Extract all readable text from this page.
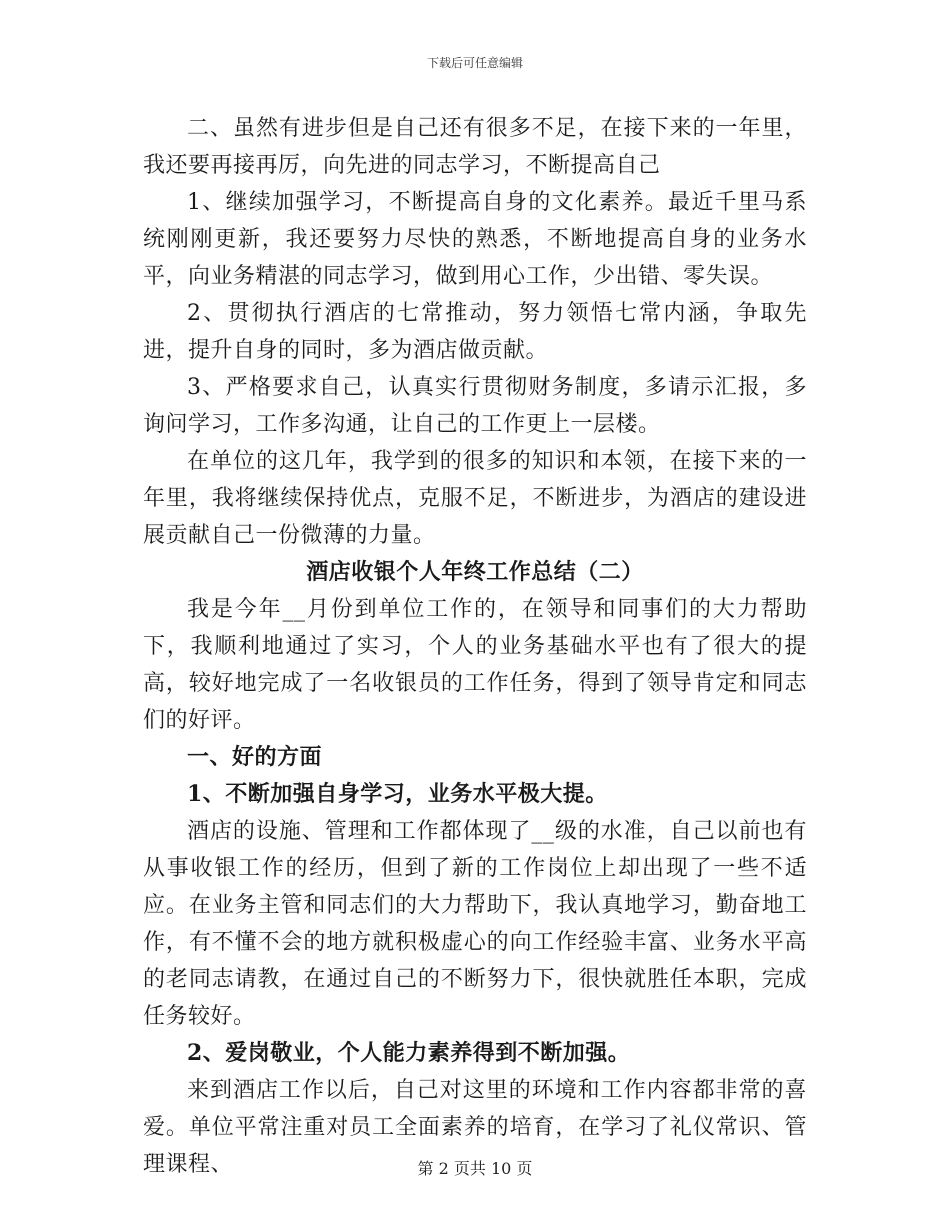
下载后可任意编辑

二、虽然有进步但是自己还有很多不足，在接下来的一年里，我还要再接再厉，向先进的同志学习，不断提高自己

1、继续加强学习，不断提高自身的文化素养。最近千里马系统刚刚更新，我还要努力尽快的熟悉，不断地提高自身的业务水平，向业务精湛的同志学习，做到用心工作，少出错、零失误。

2、贯彻执行酒店的七常推动，努力领悟七常内涵，争取先进，提升自身的同时，多为酒店做贡献。

3、严格要求自己，认真实行贯彻财务制度，多请示汇报，多询问学习，工作多沟通，让自己的工作更上一层楼。

在单位的这几年，我学到的很多的知识和本领，在接下来的一年里，我将继续保持优点，克服不足，不断进步，为酒店的建设进展贡献自己一份微薄的力量。

酒店收银个人年终工作总结（二）

我是今年__月份到单位工作的，在领导和同事们的大力帮助下，我顺利地通过了实习，个人的业务基础水平也有了很大的提高，较好地完成了一名收银员的工作任务，得到了领导肯定和同志们的好评。

一、好的方面

1、不断加强自身学习，业务水平极大提。

酒店的设施、管理和工作都体现了__级的水准，自己以前也有从事收银工作的经历，但到了新的工作岗位上却出现了一些不适应。在业务主管和同志们的大力帮助下，我认真地学习，勤奋地工作，有不懂不会的地方就积极虚心的向工作经验丰富、业务水平高的老同志请教，在通过自己的不断努力下，很快就胜任本职，完成任务较好。

2、爱岗敬业，个人能力素养得到不断加强。

来到酒店工作以后，自己对这里的环境和工作内容都非常的喜爱。单位平常注重对员工全面素养的培育，在学习了礼仪常识、管理课程、	第 2 页共 10 页
